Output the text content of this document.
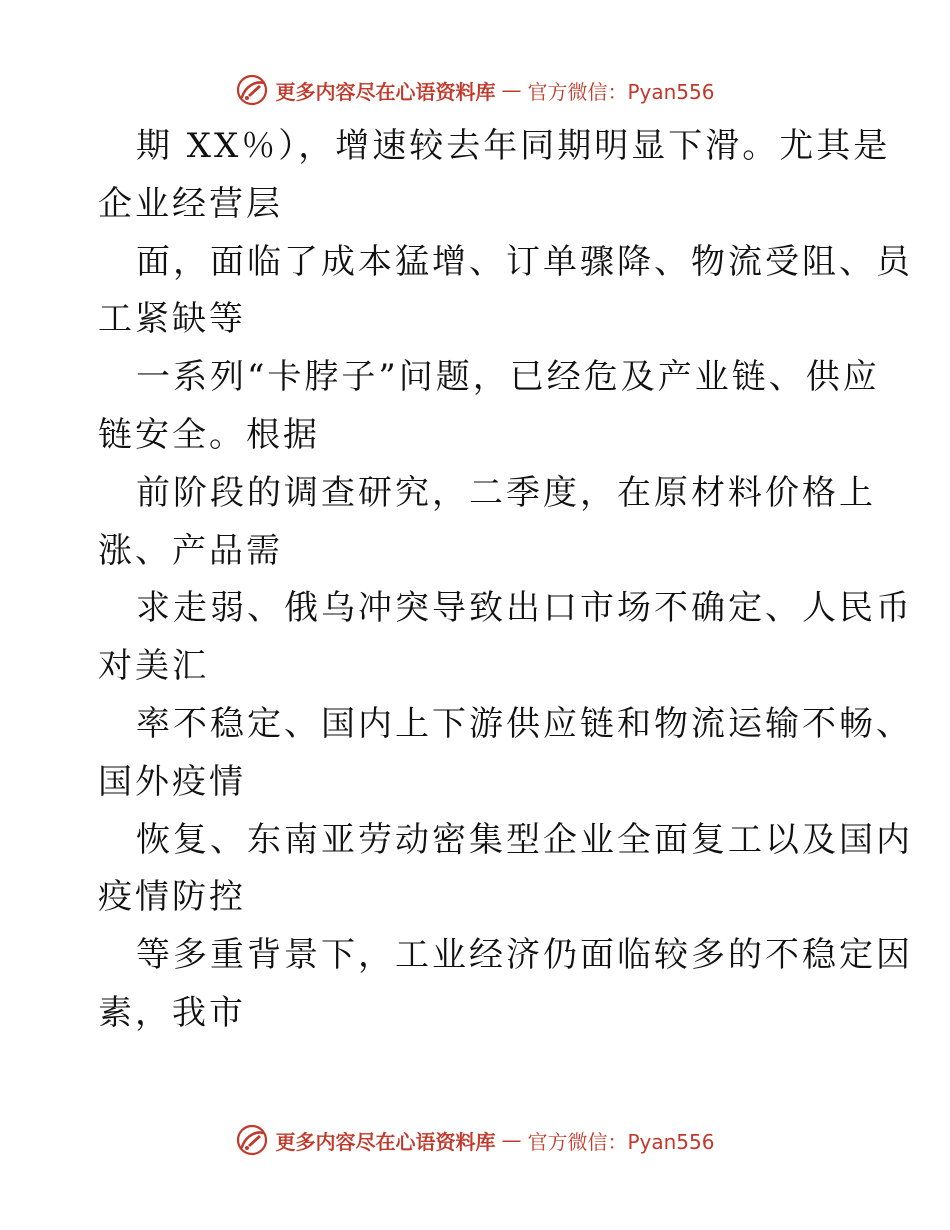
更多内容尽在心语资料库 — 官方微信：Pyan556
期 XX％），增速较去年同期明显下滑。尤其是
企业经营层
面，面临了成本猛增、订单骤降、物流受阻、员
工紧缺等
一系列“卡脖子”问题，已经危及产业链、供应
链安全。根据
前阶段的调查研究，二季度，在原材料价格上
涨、产品需
求走弱、俄乌冲突导致出口市场不确定、人民币
对美汇
率不稳定、国内上下游供应链和物流运输不畅、
国外疫情
恢复、东南亚劳动密集型企业全面复工以及国内
疫情防控
等多重背景下，工业经济仍面临较多的不稳定因
素，我市
更多内容尽在心语资料库 — 官方微信：Pyan556
